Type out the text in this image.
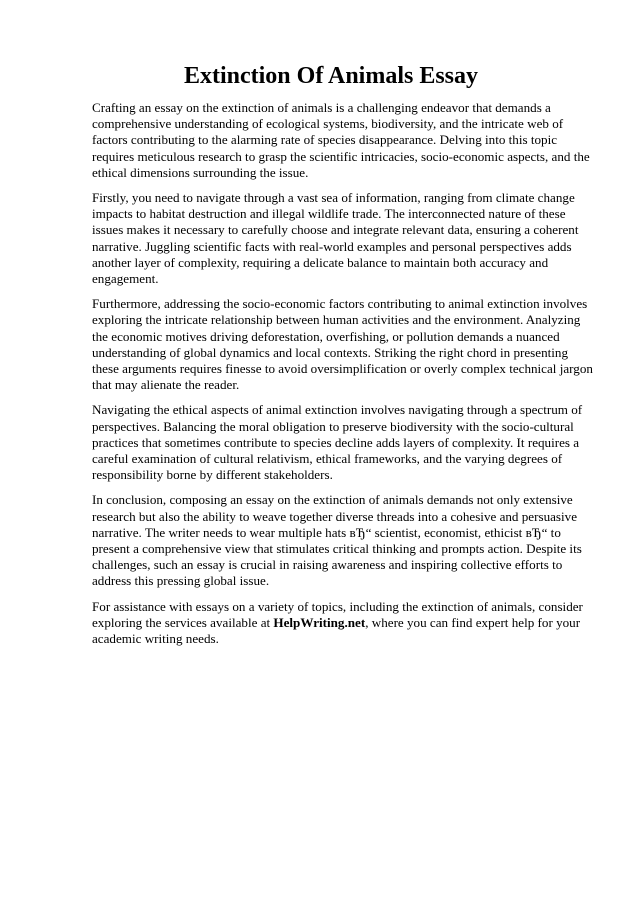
Extinction Of Animals Essay

Crafting an essay on the extinction of animals is a challenging endeavor that demands a comprehensive understanding of ecological systems, biodiversity, and the intricate web of factors contributing to the alarming rate of species disappearance. Delving into this topic requires meticulous research to grasp the scientific intricacies, socio-economic aspects, and the ethical dimensions surrounding the issue.

Firstly, you need to navigate through a vast sea of information, ranging from climate change impacts to habitat destruction and illegal wildlife trade. The interconnected nature of these issues makes it necessary to carefully choose and integrate relevant data, ensuring a coherent narrative. Juggling scientific facts with real-world examples and personal perspectives adds another layer of complexity, requiring a delicate balance to maintain both accuracy and engagement.

Furthermore, addressing the socio-economic factors contributing to animal extinction involves exploring the intricate relationship between human activities and the environment. Analyzing the economic motives driving deforestation, overfishing, or pollution demands a nuanced understanding of global dynamics and local contexts. Striking the right chord in presenting these arguments requires finesse to avoid oversimplification or overly complex technical jargon that may alienate the reader.

Navigating the ethical aspects of animal extinction involves navigating through a spectrum of perspectives. Balancing the moral obligation to preserve biodiversity with the socio-cultural practices that sometimes contribute to species decline adds layers of complexity. It requires a careful examination of cultural relativism, ethical frameworks, and the varying degrees of responsibility borne by different stakeholders.

In conclusion, composing an essay on the extinction of animals demands not only extensive research but also the ability to weave together diverse threads into a cohesive and persuasive narrative. The writer needs to wear multiple hats вЂ“ scientist, economist, ethicist вЂ“ to present a comprehensive view that stimulates critical thinking and prompts action. Despite its challenges, such an essay is crucial in raising awareness and inspiring collective efforts to address this pressing global issue.

For assistance with essays on a variety of topics, including the extinction of animals, consider exploring the services available at HelpWriting.net, where you can find expert help for your academic writing needs.
